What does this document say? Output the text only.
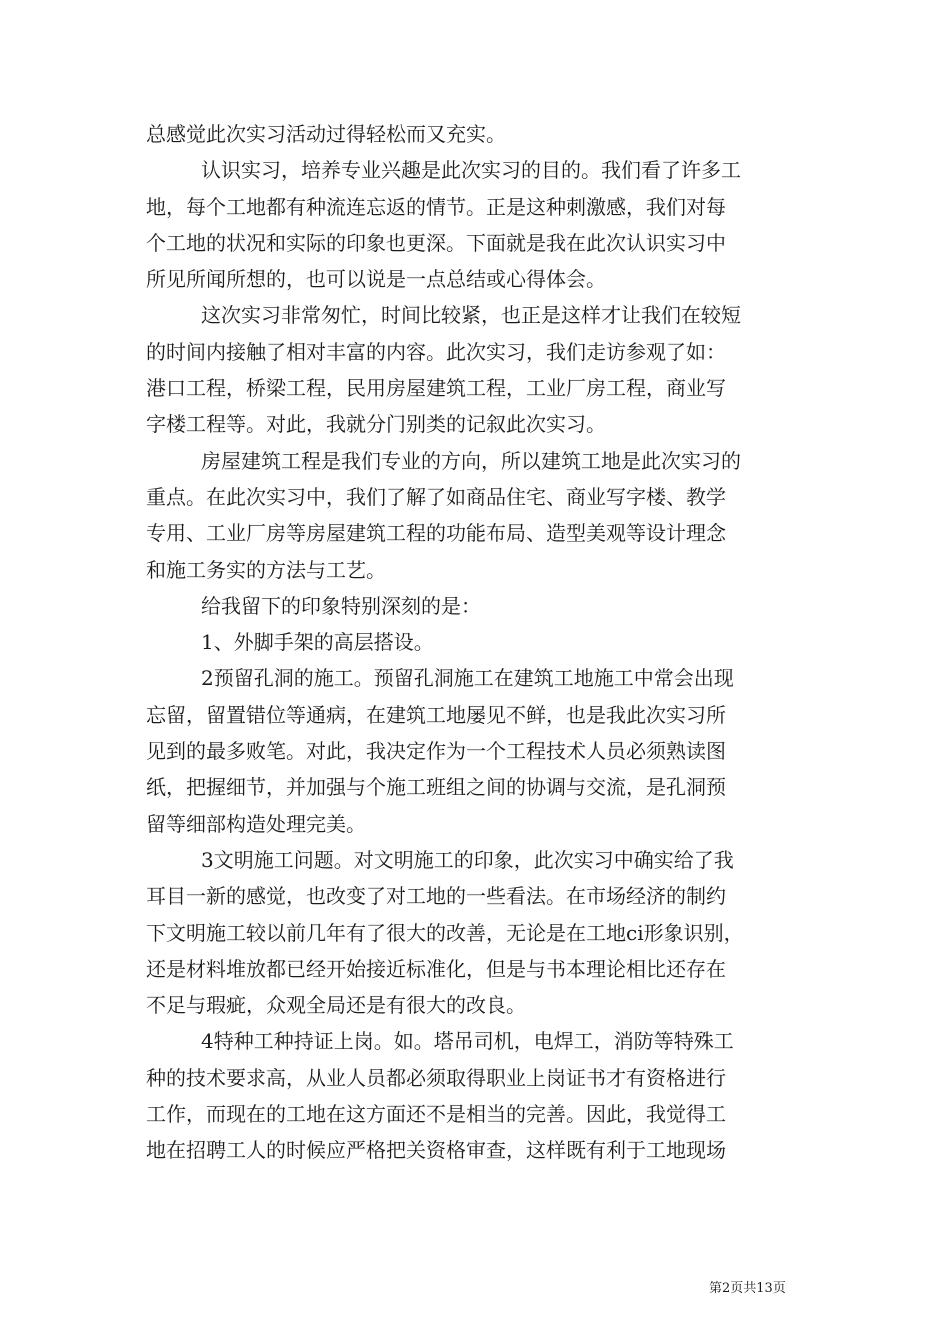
总感觉此次实习活动过得轻松而又充实。
认识实习，培养专业兴趣是此次实习的目的。我们看了许多工
地，每个工地都有种流连忘返的情节。正是这种刺激感，我们对每
个工地的状况和实际的印象也更深。下面就是我在此次认识实习中
所见所闻所想的，也可以说是一点总结或心得体会。
这次实习非常匆忙，时间比较紧，也正是这样才让我们在较短
的时间内接触了相对丰富的内容。此次实习，我们走访参观了如：
港口工程，桥梁工程，民用房屋建筑工程，工业厂房工程，商业写
字楼工程等。对此，我就分门别类的记叙此次实习。
房屋建筑工程是我们专业的方向，所以建筑工地是此次实习的
重点。在此次实习中，我们了解了如商品住宅、商业写字楼、教学
专用、工业厂房等房屋建筑工程的功能布局、造型美观等设计理念
和施工务实的方法与工艺。
给我留下的印象特别深刻的是：
1、外脚手架的高层搭设。
2预留孔洞的施工。预留孔洞施工在建筑工地施工中常会出现
忘留，留置错位等通病，在建筑工地屡见不鲜，也是我此次实习所
见到的最多败笔。对此，我决定作为一个工程技术人员必须熟读图
纸，把握细节，并加强与个施工班组之间的协调与交流，是孔洞预
留等细部构造处理完美。
3文明施工问题。对文明施工的印象，此次实习中确实给了我
耳目一新的感觉，也改变了对工地的一些看法。在市场经济的制约
下文明施工较以前几年有了很大的改善，无论是在工地ci形象识别，
还是材料堆放都已经开始接近标准化，但是与书本理论相比还存在
不足与瑕疵，众观全局还是有很大的改良。
4特种工种持证上岗。如。塔吊司机，电焊工，消防等特殊工
种的技术要求高，从业人员都必须取得职业上岗证书才有资格进行
工作，而现在的工地在这方面还不是相当的完善。因此，我觉得工
地在招聘工人的时候应严格把关资格审查，这样既有利于工地现场
第2页共13页
